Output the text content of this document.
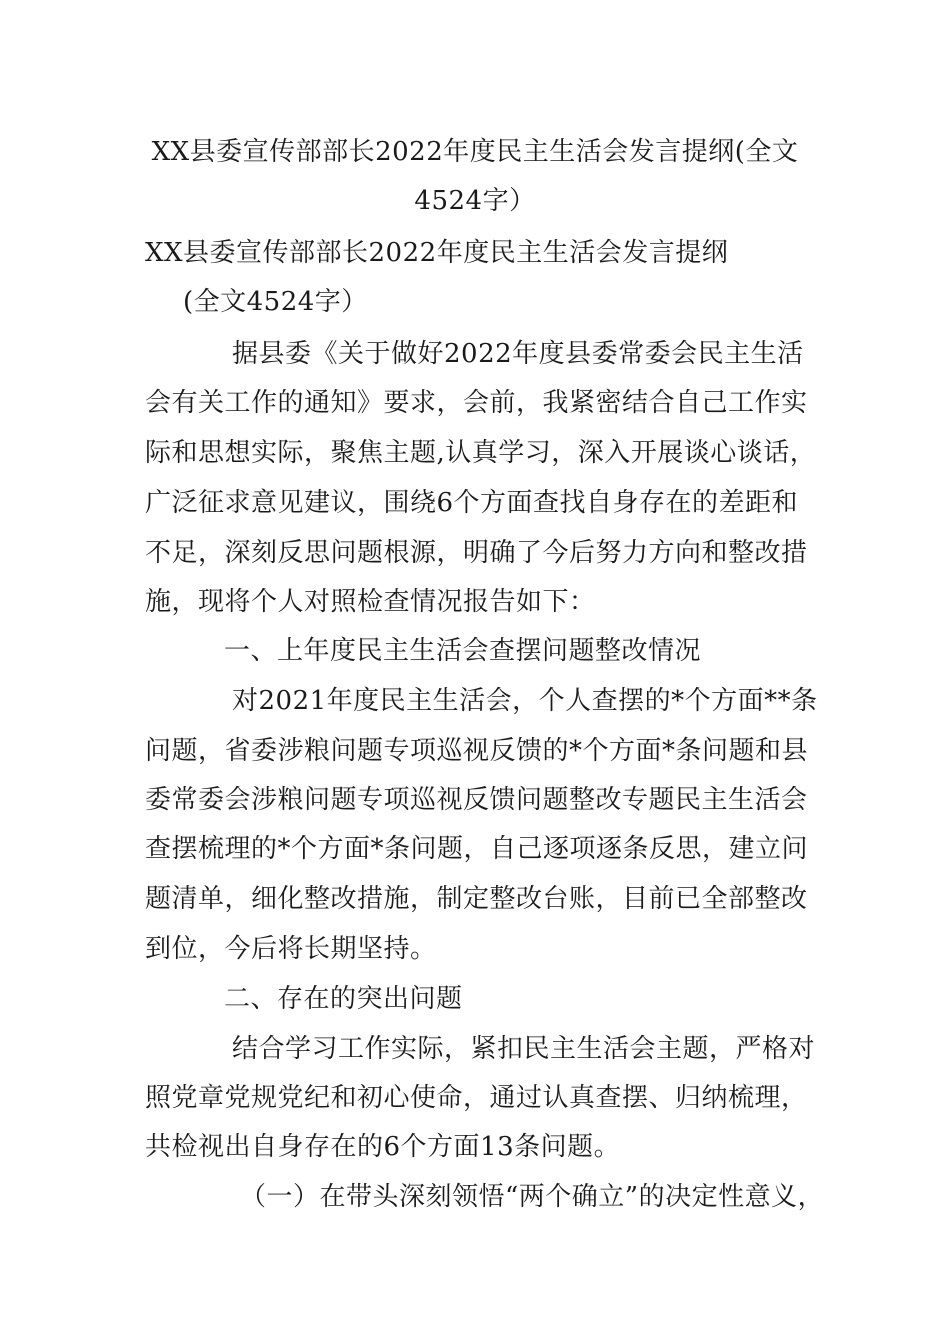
XX县委宣传部部长2022年度民主生活会发言提纲(全文
4524字）
XX县委宣传部部长2022年度民主生活会发言提纲
(全文4524字）
据县委《关于做好2022年度县委常委会民主生活
会有关工作的通知》要求，会前，我紧密结合自己工作实
际和思想实际，聚焦主题,认真学习，深入开展谈心谈话，
广泛征求意见建议，围绕6个方面查找自身存在的差距和
不足，深刻反思问题根源，明确了今后努力方向和整改措
施，现将个人对照检查情况报告如下：
一、上年度民主生活会查摆问题整改情况
对2021年度民主生活会，个人查摆的*个方面**条
问题，省委涉粮问题专项巡视反馈的*个方面*条问题和县
委常委会涉粮问题专项巡视反馈问题整改专题民主生活会
查摆梳理的*个方面*条问题，自己逐项逐条反思，建立问
题清单，细化整改措施，制定整改台账，目前已全部整改
到位，今后将长期坚持。
二、存在的突出问题
结合学习工作实际，紧扣民主生活会主题，严格对
照党章党规党纪和初心使命，通过认真查摆、归纳梳理，
共检视出自身存在的6个方面13条问题。
（一）在带头深刻领悟“两个确立”的决定性意义，
